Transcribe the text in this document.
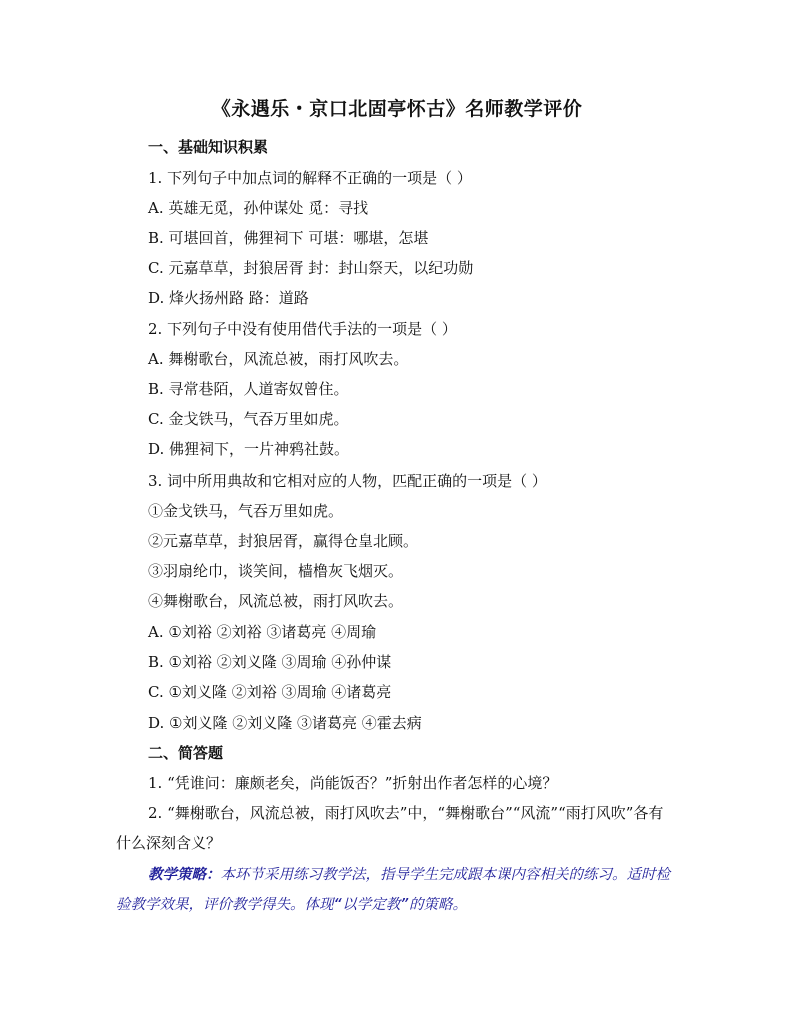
《永遇乐・京口北固亭怀古》名师教学评价
一、基础知识积累
1. 下列句子中加点词的解释不正确的一项是（ ）
A. 英雄无觅，孙仲谋处 觅：寻找
B. 可堪回首，佛狸祠下 可堪：哪堪，怎堪
C. 元嘉草草，封狼居胥 封：封山祭天，以纪功勋
D. 烽火扬州路 路：道路
2. 下列句子中没有使用借代手法的一项是（ ）
A. 舞榭歌台，风流总被，雨打风吹去。
B. 寻常巷陌，人道寄奴曾住。
C. 金戈铁马，气吞万里如虎。
D. 佛狸祠下，一片神鸦社鼓。
3. 词中所用典故和它相对应的人物，匹配正确的一项是（ ）
①金戈铁马，气吞万里如虎。
②元嘉草草，封狼居胥，赢得仓皇北顾。
③羽扇纶巾，谈笑间，樯橹灰飞烟灭。
④舞榭歌台，风流总被，雨打风吹去。
A. ①刘裕 ②刘裕 ③诸葛亮 ④周瑜
B. ①刘裕 ②刘义隆 ③周瑜 ④孙仲谋
C. ①刘义隆 ②刘裕 ③周瑜 ④诸葛亮
D. ①刘义隆 ②刘义隆 ③诸葛亮 ④霍去病
二、简答题
1. “凭谁问：廉颇老矣，尚能饭否？”折射出作者怎样的心境？
2. “舞榭歌台，风流总被，雨打风吹去”中，“舞榭歌台”“风流”“雨打风吹”各有什么深刻含义？
教学策略：本环节采用练习教学法，指导学生完成跟本课内容相关的练习。适时检验教学效果，评价教学得失。体现“以学定教”的策略。
